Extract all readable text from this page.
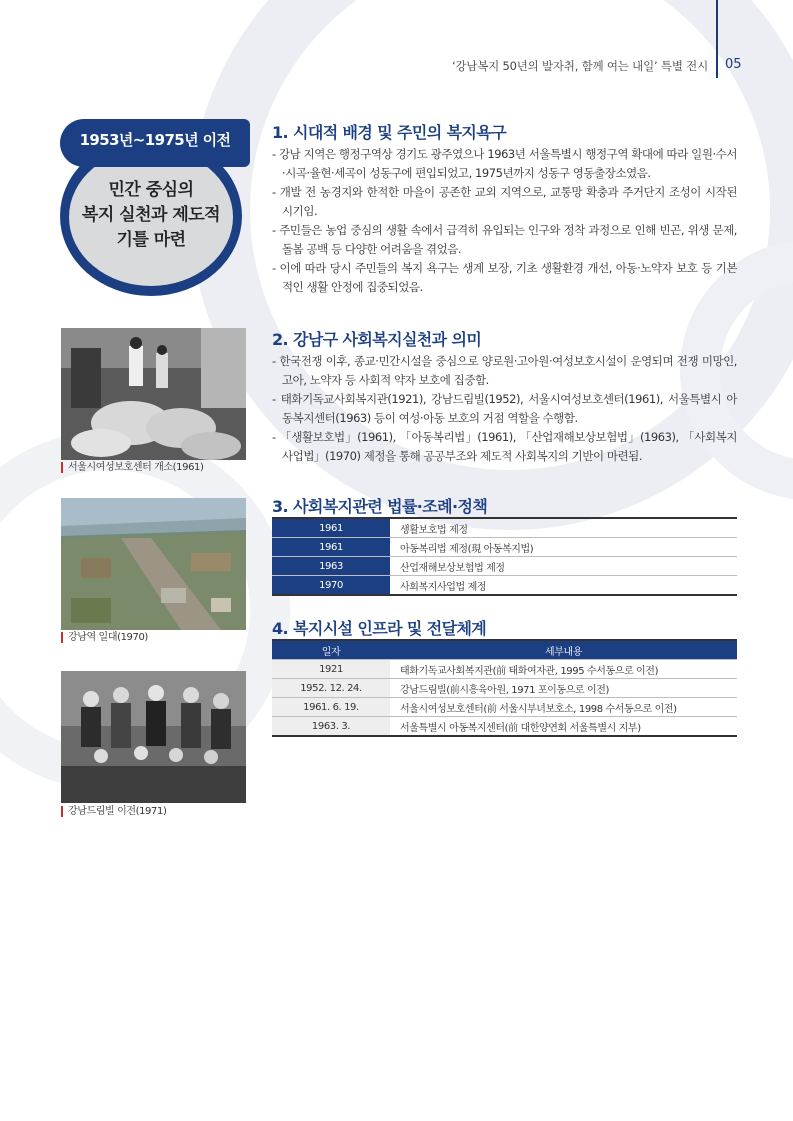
‘강남복지 50년의 발자취, 함께 여는 내일’ 특별 전시 05
1953년~1975년 이전
민간 중심의
복지 실천과 제도적
기틀 마련
서울시여성보호센터 개소(1961)
강남역 일대(1970)
강남드림빌 이전(1971)
1. 시대적 배경 및 주민의 복지욕구
- 강남 지역은 행정구역상 경기도 광주였으나 1963년 서울특별시 행정구역 확대에 따라 일원·수서·시곡·율현·세곡이 성동구에 편입되었고, 1975년까지 성동구 영동출장소였음.
- 개발 전 농경지와 한적한 마을이 공존한 교외 지역으로, 교통망 확충과 주거단지 조성이 시작된 시기임.
- 주민들은 농업 중심의 생활 속에서 급격히 유입되는 인구와 정착 과정으로 인해 빈곤, 위생 문제, 돌봄 공백 등 다양한 어려움을 겪었음.
- 이에 따라 당시 주민들의 복지 욕구는 생계 보장, 기초 생활환경 개선, 아동·노약자 보호 등 기본적인 생활 안정에 집중되었음.
2. 강남구 사회복지실천과 의미
- 한국전쟁 이후, 종교·민간시설을 중심으로 양로원·고아원·여성보호시설이 운영되며 전쟁 미망인, 고아, 노약자 등 사회적 약자 보호에 집중함.
- 태화기독교사회복지관(1921), 강남드림빌(1952), 서울시여성보호센터(1961), 서울특별시 아동복지센터(1963) 등이 여성·아동 보호의 거점 역할을 수행함.
- 「생활보호법」(1961), 「아동복리법」(1961), 「산업재해보상보험법」(1963), 「사회복지사업법」(1970) 제정을 통해 공공부조와 제도적 사회복지의 기반이 마련됨.
3. 사회복지관련 법률·조례·정책
1961	생활보호법 제정
1961	아동복리법 제정(現 아동복지법)
1963	산업재해보상보험법 제정
1970	사회복지사업법 제정
4. 복지시설 인프라 및 전달체계
일자	세부내용
1921	태화기독교사회복지관(前 태화여자관, 1995 수서동으로 이전)
1952. 12. 24.	강남드림빌(前시흥육아원, 1971 포이동으로 이전)
1961. 6. 19.	서울시여성보호센터(前 서울시부녀보호소, 1998 수서동으로 이전)
1963. 3.	서울특별시 아동복지센터(前 대한양연회 서울특별시 지부)
